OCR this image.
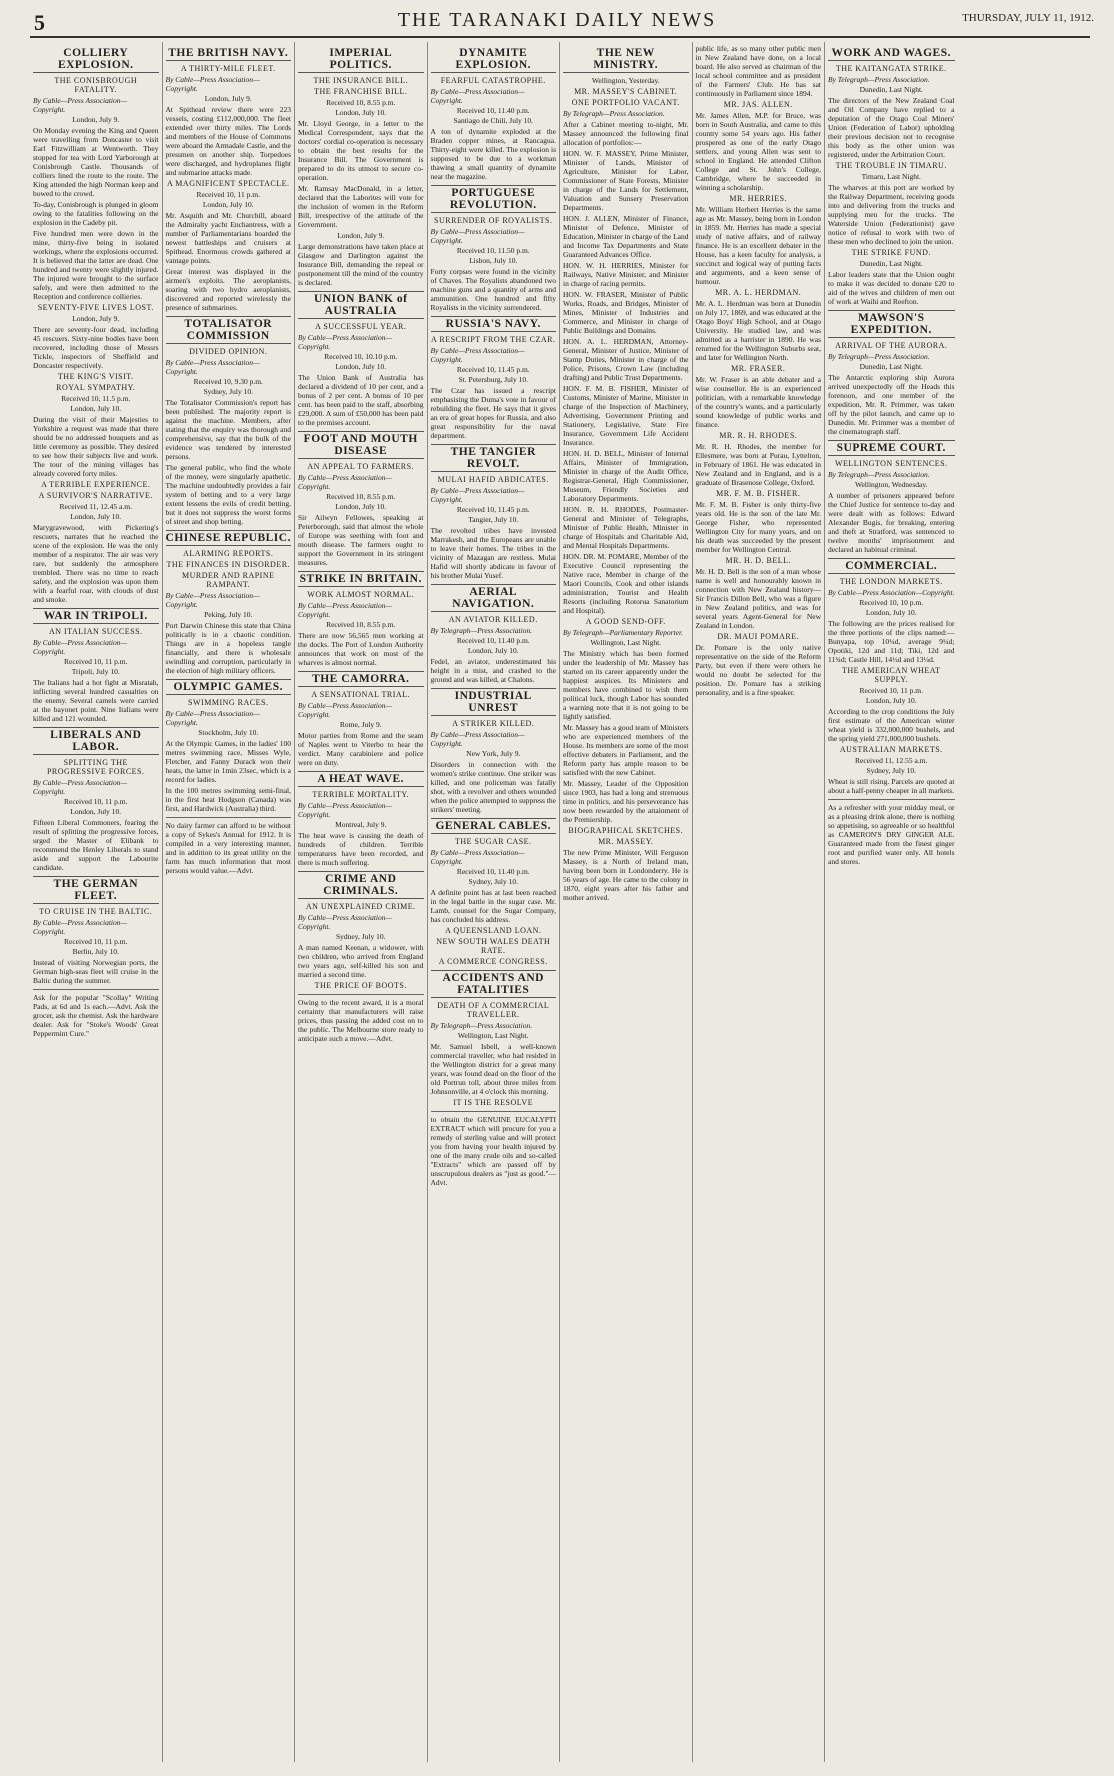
5	THE TARANAKI DAILY NEWS	THURSDAY, JULY 11, 1912.
COLLIERY EXPLOSION.
THE CONISBROUGH FATALITY.
By Cable—Press Association—Copyright.
London, July 9.
On Monday evening the King and Queen were travelling from Doncaster to visit Earl Fitzwilliam at Wentworth. They stopped for tea with Lord Yarborough at Conisbrough Castle. Thousands of colliers lined the route to the route. The King attended the high Norman keep and bowed to the crowd.
To-day, Conisbrough is plunged in gloom owing to the fatalities following on the explosion in the Cadeby pit.
Five hundred men were down in the mine, thirty-five being in isolated workings, where the explosions occurred. It is believed that the latter are dead. One hundred and twenty were slightly injured. The injured were brought to the surface safely, and were then admitted to the Reception and conference collieries.
SEVENTY-FIVE LIVES LOST.
London, July 9.
There are seventy-four dead, including 45 rescuers. Sixty-nine bodies have been recovered, including those of Messrs Tickle, inspectors of Sheffield and Doncaster respectively.
THE KING'S VISIT.
ROYAL SYMPATHY.
Received 10, 11.5 p.m.
London, July 10.
During the visit of their Majesties to Yorkshire a request was made that there should be no addressed bouquets and as little ceremony as possible. They desired to see how their subjects live and work. The tour of the mining villages has already covered forty miles.
A TERRIBLE EXPERIENCE.
A SURVIVOR'S NARRATIVE.
Received 11, 12.45 a.m.
London, July 10.
Marygravewood, with Pickering's rescuers, narrates that he reached the scene of the explosion. He was the only member of a respirator. The air was very rare, but suddenly the atmosphere trembled. There was no time to reach safety, and the explosion was upon them with a fearful roar, with clouds of dust and smoke.
WAR IN TRIPOLI.
AN ITALIAN SUCCESS.
By Cable—Press Association—Copyright.
Received 10, 11 p.m.
Tripoli, July 10.
The Italians had a hot fight at Misratah, inflicting several hundred casualties on the enemy. Several camels were carried at the bayonet point. Nine Italians were killed and 121 wounded.
LIBERALS AND LABOR.
SPLITTING THE PROGRESSIVE FORCES.
By Cable—Press Association—Copyright.
Received 10, 11 p.m.
London, July 10.
Fifteen Liberal Commoners, fearing the result of splitting the progressive forces, urged the Master of Elibank to recommend the Henley Liberals to stand aside and support the Labourite candidate.
THE GERMAN FLEET.
TO CRUISE IN THE BALTIC.
By Cable—Press Association—Copyright.
Received 10, 11 p.m.
Berlin, July 10.
Instead of visiting Norwegian ports, the German high-seas fleet will cruise in the Baltic during the summer.
Ask for the popular "Scollay" Writing Pads, at 6d and 1s each.—Advt. Ask the grocer, ask the chemist. Ask the hardware dealer. Ask for "Stoke's Woods' Great Peppermint Cure."
THE BRITISH NAVY.
A THIRTY-MILE FLEET.
By Cable—Press Association—Copyright.
London, July 9.
At Spithead review there were 223 vessels, costing £112,000,000. The fleet extended over thirty miles. The Lords and members of the House of Commons were aboard the Armadale Castle, and the pressmen on another ship. Torpedoes were discharged, and hydroplanes flight and submarine attacks made.
A MAGNIFICENT SPECTACLE.
Received 10, 11 p.m.
London, July 10.
Mr. Asquith and Mr. Churchill, aboard the Admiralty yacht Enchantress, with a number of Parliamentarians boarded the newest battleships and cruisers at Spithead. Enormous crowds gathered at vantage points.
Great interest was displayed in the airmen's exploits. The aeroplanists, soaring with two hydro aeroplanists, discovered and reported wirelessly the presence of submarines.
TOTALISATOR COMMISSION
DIVIDED OPINION.
By Cable—Press Association—Copyright.
Received 10, 9.30 p.m.
Sydney, July 10.
The Totalisator Commission's report has been published. The majority report is against the machine. Members, after stating that the enquiry was thorough and comprehensive, say that the bulk of the evidence was tendered by interested persons.
The general public, who find the whole of the money, were singularly apathetic. The machine undoubtedly provides a fair system of betting and to a very large extent lessens the evils of credit betting, but it does not suppress the worst forms of street and shop betting.
CHINESE REPUBLIC.
ALARMING REPORTS.
THE FINANCES IN DISORDER.
MURDER AND RAPINE RAMPANT.
By Cable—Press Association—Copyright.
Peking, July 10.
Port Darwin Chinese this state that China politically is in a chaotic condition. Things are in a hopeless tangle financially, and there is wholesale swindling and corruption, particularly in the election of high military officers.
OLYMPIC GAMES.
SWIMMING RACES.
By Cable—Press Association—Copyright.
Stockholm, July 10.
At the Olympic Games, in the ladies' 100 metres swimming race, Misses Wyle, Fletcher, and Fanny Durack won their heats, the latter in 1min 23sec, which is a record for ladies.
In the 100 metres swimming semi-final, in the first heat Hodgson (Canada) was first, and Hardwick (Australia) third.
No dairy farmer can afford to be without a copy of Sykes's Annual for 1912. It is compiled in a very interesting manner, and in addition to its great utility on the farm has much information that most persons would value.—Advt.
IMPERIAL POLITICS.
THE INSURANCE BILL.
THE FRANCHISE BILL.
Received 10, 8.55 p.m.
London, July 10.
Mr. Lloyd George, in a letter to the Medical Correspondent, says that the doctors' cordial co-operation is necessary to obtain the best results for the Insurance Bill. The Government is prepared to do its utmost to secure co-operation.
Mr. Ramsay MacDonald, in a letter, declared that the Laborites will vote for the inclusion of women in the Reform Bill, irrespective of the attitude of the Government.
London, July 9.
Large demonstrations have taken place at Glasgow and Darlington against the Insurance Bill, demanding the repeal or postponement till the mind of the country is declared.
UNION BANK of AUSTRALIA
A SUCCESSFUL YEAR.
By Cable—Press Association—Copyright.
Received 10, 10.10 p.m.
London, July 10.
The Union Bank of Australia has declared a dividend of 10 per cent, and a bonus of 2 per cent. A bonus of 10 per cent. has been paid to the staff, absorbing £29,000. A sum of £50,000 has been paid to the premises account.
FOOT AND MOUTH DISEASE
AN APPEAL TO FARMERS.
By Cable—Press Association—Copyright.
Received 10, 8.55 p.m.
London, July 10.
Sir Ailwyn Fellowes, speaking at Peterborough, said that almost the whole of Europe was seething with foot and mouth disease. The farmers ought to support the Government in its stringent measures.
STRIKE IN BRITAIN.
WORK ALMOST NORMAL.
By Cable—Press Association—Copyright.
Received 10, 8.55 p.m.
There are now 56,565 men working at the docks. The Port of London Authority announces that work on most of the wharves is almost normal.
THE CAMORRA.
A SENSATIONAL TRIAL.
By Cable—Press Association—Copyright.
Rome, July 9.
Motor parties from Rome and the seam of Naples went to Viterbo to hear the verdict. Many carabiniere and police were on duty.
A HEAT WAVE.
TERRIBLE MORTALITY.
By Cable—Press Association—Copyright.
Montreal, July 9.
The heat wave is causing the death of hundreds of children. Terrible temperatures have been recorded, and there is much suffering.
CRIME AND CRIMINALS.
AN UNEXPLAINED CRIME.
By Cable—Press Association—Copyright.
Sydney, July 10.
A man named Keenan, a widower, with two children, who arrived from England two years ago, self-killed his son and married a second time.
THE PRICE OF BOOTS.
Owing to the recent award, it is a moral certainty that manufacturers will raise prices, thus passing the added cost on to the public. The Melbourne store ready to anticipate such a move.—Advt.
DYNAMITE EXPLOSION.
FEARFUL CATASTROPHE.
By Cable—Press Association—Copyright.
Received 10, 11.40 p.m.
Santiago de Chili, July 10.
A ton of dynamite exploded at the Braden copper mines, at Rancagua. Thirty-eight were killed. The explosion is supposed to be due to a workman thawing a small quantity of dynamite near the magazine.
PORTUGUESE REVOLUTION.
SURRENDER OF ROYALISTS.
By Cable—Press Association—Copyright.
Received 10, 11.50 p.m.
Lisbon, July 10.
Forty corpses were found in the vicinity of Chaves. The Royalists abandoned two machine guns and a quantity of arms and ammunition. One hundred and fifty Royalists in the vicinity surrendered.
RUSSIA'S NAVY.
A RESCRIPT FROM THE CZAR.
By Cable—Press Association—Copyright.
Received 10, 11.45 p.m.
St. Petersburg, July 10.
The Czar has issued a rescript emphasising the Duma's vote in favour of rebuilding the fleet. He says that it gives an era of great hopes for Russia, and also great responsibility for the naval department.
THE TANGIER REVOLT.
MULAI HAFID ABDICATES.
By Cable—Press Association—Copyright.
Received 10, 11.45 p.m.
Tangier, July 10.
The revolted tribes have invested Marrakesh, and the Europeans are unable to leave their homes. The tribes in the vicinity of Mazagan are restless. Mulai Hafid will shortly abdicate in favour of his brother Mulai Yusef.
AERIAL NAVIGATION.
AN AVIATOR KILLED.
By Telegraph—Press Association.
Received 10, 11.40 p.m.
London, July 10.
Fedel, an aviator, underestimated his height in a mist, and crashed to the ground and was killed, at Chalons.
INDUSTRIAL UNREST
A STRIKER KILLED.
By Cable—Press Association—Copyright.
New York, July 9.
Disorders in connection with the women's strike continue. One striker was killed, and one policeman was fatally shot, with a revolver and others wounded when the police attempted to suppress the strikers' meeting.
GENERAL CABLES.
THE SUGAR CASE.
By Cable—Press Association—Copyright.
Received 10, 11.40 p.m.
Sydney, July 10.
A definite point has at last been reached in the legal battle in the sugar case. Mr. Lamb, counsel for the Sugar Company, has concluded his address.
A QUEENSLAND LOAN.
NEW SOUTH WALES DEATH RATE.
A COMMERCE CONGRESS.
ACCIDENTS AND FATALITIES
DEATH OF A COMMERCIAL TRAVELLER.
By Telegraph—Press Association.
Wellington, Last Night.
Mr. Samuel Isbell, a well-known commercial traveller, who had resided in the Wellington district for a great many years, was found dead on the floor of the old Portrun toll, about three miles from Johnsonville, at 4 o'clock this morning.
IT IS THE RESOLVE
to obtain the GENUINE EUCALYPTI EXTRACT which will procure for you a remedy of sterling value and will protect you from having your health injured by one of the many crude oils and so-called "Extracts" which are passed off by unscrupulous dealers as "just as good."—Advt.
THE NEW MINISTRY.
Wellington, Yesterday.
MR. MASSEY'S CABINET.
ONE PORTFOLIO VACANT.
By Telegraph—Press Association.
After a Cabinet meeting to-night, Mr. Massey announced the following final allocation of portfolios:—
HON. W. F. MASSEY, Prime Minister, Minister of Lands, Minister of Agriculture, Minister for Labor, Commissioner of State Forests, Minister in charge of the Lands for Settlement, Valuation and Sunsery Preservation Departments.
HON. J. ALLEN, Minister of Finance, Minister of Defence, Minister of Education, Minister in charge of the Land and Income Tax Departments and State Guaranteed Advances Office.
HON. W. H. HERRIES, Minister for Railways, Native Minister, and Minister in charge of racing permits.
HON. W. FRASER, Minister of Public Works, Roads, and Bridges, Minister of Mines, Minister of Industries and Commerce, and Minister in charge of Public Buildings and Domains.
HON. A. L. HERDMAN, Attorney-General, Minister of Justice, Minister of Stamp Duties, Minister in charge of the Police, Prisons, Crown Law (including drafting) and Public Trust Departments.
HON. F. M. B. FISHER, Minister of Customs, Minister of Marine, Minister in charge of the Inspection of Machinery, Advertising, Government Printing and Stationery, Legislative, State Fire Insurance, Government Life Accident Insurance.
HON. H. D. BELL, Minister of Internal Affairs, Minister of Immigration, Minister in charge of the Audit Office, Registrar-General, High Commissioner, Museum, Friendly Societies and Laboratory Departments.
HON. R. H. RHODES, Postmaster-General and Minister of Telegraphs, Minister of Public Health, Minister in charge of Hospitals and Charitable Aid, and Mental Hospitals Departments.
HON. DR. M. POMARE, Member of the Executive Council representing the Native race, Member in charge of the Maori Councils, Cook and other islands administration, Tourist and Health Resorts (including Rotorua Sanatorium and Hospital).
A GOOD SEND-OFF.
By Telegraph—Parliamentary Reporter.
Wellington, Last Night.
The Ministry which has been formed under the leadership of Mr. Massey has started on its career apparently under the happiest auspices. Its Ministers and members have combined to wish them political luck, though Labor has sounded a warning note that it is not going to be lightly satisfied.
Mr. Massey has a good team of Ministers who are experienced members of the House. Its members are some of the most effective debaters in Parliament, and the Reform party has ample reason to be satisfied with the new Cabinet.
Mr. Massey, Leader of the Opposition since 1903, has had a long and strenuous time in politics, and his perseverance has now been rewarded by the attainment of the Premiership.
BIOGRAPHICAL SKETCHES.
MR. MASSEY.
The new Prime Minister, Will Ferguson Massey, is a North of Ireland man, having been born in Londonderry. He is 56 years of age. He came to the colony in 1870, eight years after his father and mother arrived.
public life, as so many other public men in New Zealand have done, on a local board. He also served as chairman of the local school committee and as president of the Farmers' Club. He has sat continuously in Parliament since 1894.
MR. JAS. ALLEN.
Mr. James Allen, M.P. for Bruce, was born in South Australia, and came to this country some 54 years ago. His father prospered as one of the early Otago settlers, and young Allen was sent to school in England. He attended Clifton College and St. John's College, Cambridge, where he succeeded in winning a scholarship.
MR. HERRIES.
Mr. William Herbert Herries is the same age as Mr. Massey, being born in London in 1859. Mr. Herries has made a special study of native affairs, and of railway finance. He is an excellent debater in the House, has a keen faculty for analysis, a succinct and logical way of putting facts and arguments, and a keen sense of humour.
MR. A. L. HERDMAN.
Mr. A. L. Herdman was born at Dunedin on July 17, 1869, and was educated at the Otago Boys' High School, and at Otago University. He studied law, and was admitted as a barrister in 1890. He was returned for the Wellington Suburbs seat, and later for Wellington North.
MR. FRASER.
Mr. W. Fraser is an able debater and a wise counsellor. He is an experienced politician, with a remarkable knowledge of the country's wants, and a particularly sound knowledge of public works and finance.
MR. R. H. RHODES.
Mr. R. H. Rhodes, the member for Ellesmere, was born at Purau, Lyttelton, in February of 1861. He was educated in New Zealand and in England, and is a graduate of Brasenose College, Oxford.
MR. F. M. B. FISHER.
Mr. F. M. B. Fisher is only thirty-five years old. He is the son of the late Mr. George Fisher, who represented Wellington City for many years, and on his death was succeeded by the present member for Wellington Central.
MR. H. D. BELL.
Mr. H. D. Bell is the son of a man whose name is well and honourably known in connection with New Zealand history—Sir Francis Dillon Bell, who was a figure in New Zealand politics, and was for several years Agent-General for New Zealand in London.
DR. MAUI POMARE.
Dr. Pomare is the only native representative on the side of the Reform Party, but even if there were others he would no doubt be selected for the position. Dr. Pomare has a striking personality, and is a fine speaker.
WORK AND WAGES.
THE KAITANGATA STRIKE.
By Telegraph—Press Association.
Dunedin, Last Night.
The directors of the New Zealand Coal and Oil Company have replied to a deputation of the Otago Coal Miners' Union (Federation of Labor) upholding their previous decision not to recognise this body as the other union was registered, under the Arbitration Court.
THE TROUBLE IN TIMARU.
Timaru, Last Night.
The wharves at this port are worked by the Railway Department, receiving goods into and delivering from the trucks and supplying men for the trucks. The Waterside Union (Federationist) gave notice of refusal to work with two of these men who declined to join the union.
THE STRIKE FUND.
Dunedin, Last Night.
Labor leaders state that the Union ought to make it was decided to donate £20 to aid of the wives and children of men out of work at Waihi and Reefton.
MAWSON'S EXPEDITION.
ARRIVAL OF THE AURORA.
By Telegraph—Press Association.
Dunedin, Last Night.
The Antarctic exploring ship Aurora arrived unexpectedly off the Heads this forenoon, and one member of the expedition, Mr. R. Primmer, was taken off by the pilot launch, and came up to Dunedin. Mr. Primmer was a member of the cinematograph staff.
SUPREME COURT.
WELLINGTON SENTENCES.
By Telegraph—Press Association.
Wellington, Wednesday.
A number of prisoners appeared before the Chief Justice for sentence to-day and were dealt with as follows: Edward Alexander Bugis, for breaking, entering and theft at Stratford, was sentenced to twelve months' imprisonment and declared an habitual criminal.
COMMERCIAL.
THE LONDON MARKETS.
By Cable—Press Association—Copyright.
Received 10, 10 p.m.
London, July 10.
The following are the prices realised for the three portions of the clips named:—Bunyapa, top 10¼d, average 9¼d; Opotiki, 12d and 11d; Tiki, 12d and 11¾d; Castle Hill, 14½d and 13¼d.
THE AMERICAN WHEAT SUPPLY.
Received 10, 11 p.m.
London, July 10.
According to the crop conditions the July first estimate of the American winter wheat yield is 332,000,000 bushels, and the spring yield 271,000,000 bushels.
AUSTRALIAN MARKETS.
Received 11, 12.55 a.m.
Sydney, July 10.
Wheat is still rising. Parcels are quoted at about a half-penny cheaper in all markets.
As a refresher with your midday meal, or as a pleasing drink alone, there is nothing so appetising, so agreeable or so healthful as CAMERON'S DRY GINGER ALE. Guaranteed made from the finest ginger root and purified water only. All hotels and stores.
